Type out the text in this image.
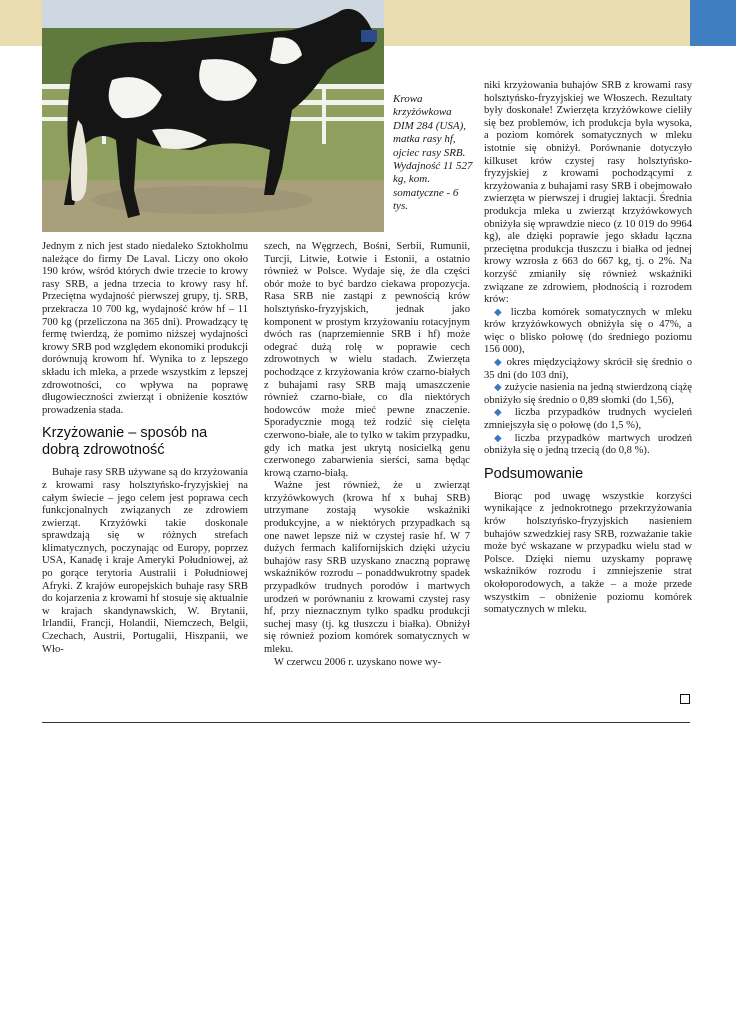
Krowa krzyżówkowa DIM 284 (USA), matka rasy hf, ojciec rasy SRB. Wydajność 11 527 kg, kom. somatyczne - 6 tys.

Jednym z nich jest stado niedaleko Sztokholmu należące do firmy De Laval. Liczy ono około 190 krów, wśród których dwie trzecie to krowy rasy SRB, a jedna trzecia to krowy rasy hf. Przeciętna wydajność pierwszej grupy, tj. SRB, przekracza 10 700 kg, wydajność krów hf – 11 700 kg (przeliczona na 365 dni). Prowadzący tę fermę twierdzą, że pomimo niższej wydajności krowy SRB pod względem ekonomiki produkcji dorównują krowom hf. Wynika to z lepszego składu ich mleka, a przede wszystkim z lepszej zdrowotności, co wpływa na poprawę długowieczności zwierząt i obniżenie kosztów prowadzenia stada.

Krzyżowanie – sposób na dobrą zdrowotność

Buhaje rasy SRB używane są do krzyżowania z krowami rasy holsztyńsko-fryzyjskiej na całym świecie – jego celem jest poprawa cech funkcjonalnych związanych ze zdrowiem zwierząt. Krzyżówki takie doskonale sprawdzają się w różnych strefach klimatycznych, poczynając od Europy, poprzez USA, Kanadę i kraje Ameryki Południowej, aż po gorące terytoria Australii i Południowej Afryki. Z krajów europejskich buhaje rasy SRB do kojarzenia z krowami hf stosuje się aktualnie w krajach skandynawskich, W. Brytanii, Irlandii, Francji, Holandii, Niemczech, Belgii, Czechach, Austrii, Portugalii, Hiszpanii, we Wło-

szech, na Węgrzech, Bośni, Serbii, Rumunii, Turcji, Litwie, Łotwie i Estonii, a ostatnio również w Polsce. Wydaje się, że dla części obór może to być bardzo ciekawa propozycja. Rasa SRB nie zastąpi z pewnością krów holsztyńsko-fryzyjskich, jednak jako komponent w prostym krzyżowaniu rotacyjnym dwóch ras (naprzemiennie SRB i hf) może odegrać dużą rolę w poprawie cech zdrowotnych w wielu stadach. Zwierzęta pochodzące z krzyżowania krów czarno-białych z buhajami rasy SRB mają umaszczenie również czarno-białe, co dla niektórych hodowców może mieć pewne znaczenie. Sporadycznie mogą też rodzić się cielęta czerwono-białe, ale to tylko w takim przypadku, gdy ich matka jest ukrytą nosicielką genu czerwonego zabarwienia sierści, sama będąc krową czarno-białą.

Ważne jest również, że u zwierząt krzyżówkowych (krowa hf x buhaj SRB) utrzymane zostają wysokie wskaźniki produkcyjne, a w niektórych przypadkach są one nawet lepsze niż w czystej rasie hf. W 7 dużych fermach kalifornijskich dzięki użyciu buhajów rasy SRB uzyskano znaczną poprawę wskaźników rozrodu – ponaddwukrotny spadek przypadków trudnych porodów i martwych urodzeń w porównaniu z krowami czystej rasy hf, przy nieznacznym tylko spadku produkcji suchej masy (tj. kg tłuszczu i białka). Obniżył się również poziom komórek somatycznych w mleku.

W czerwcu 2006 r. uzyskano nowe wy-

niki krzyżowania buhajów SRB z krowami rasy holsztyńsko-fryzyjskiej we Włoszech. Rezultaty były doskonałe! Zwierzęta krzyżówkowe cieliły się bez problemów, ich produkcja była wysoka, a poziom komórek somatycznych w mleku istotnie się obniżył. Porównanie dotyczyło kilkuset krów czystej rasy holsztyńsko-fryzyjskiej z krowami pochodzącymi z krzyżowania z buhajami rasy SRB i obejmowało zwierzęta w pierwszej i drugiej laktacji. Średnia produkcja mleka u zwierząt krzyżówkowych obniżyła się wprawdzie nieco (z 10 019 do 9964 kg), ale dzięki poprawie jego składu łączna przeciętna produkcja tłuszczu i białka od jednej krowy wzrosła z 663 do 667 kg, tj. o 2%. Na korzyść zmianiły się również wskaźniki związane ze zdrowiem, płodnością i rozrodem krów:

◆ liczba komórek somatycznych w mleku krów krzyżówkowych obniżyła się o 47%, a więc o blisko połowę (do średniego poziomu 156 000),

◆ okres międzyciążowy skrócił się średnio o 35 dni (do 103 dni),

◆ zużycie nasienia na jedną stwierdzoną ciążę obniżyło się średnio o 0,89 słomki (do 1,56),

◆ liczba przypadków trudnych wycieleń zmniejszyła się o połowę (do 1,5 %),

◆ liczba przypadków martwych urodzeń obniżyła się o jedną trzecią (do 0,8 %).

Podsumowanie

Biorąc pod uwagę wszystkie korzyści wynikające z jednokrotnego przekrzyżowania krów holsztyńsko-fryzyjskich nasieniem buhajów szwedzkiej rasy SRB, rozważanie takie może być wskazane w przypadku wielu stad w Polsce. Dzięki niemu uzyskamy poprawę wskaźników rozrodu i zmniejszenie strat okołoporodowych, a także – a może przede wszystkim – obniżenie poziomu komórek somatycznych w mleku.
